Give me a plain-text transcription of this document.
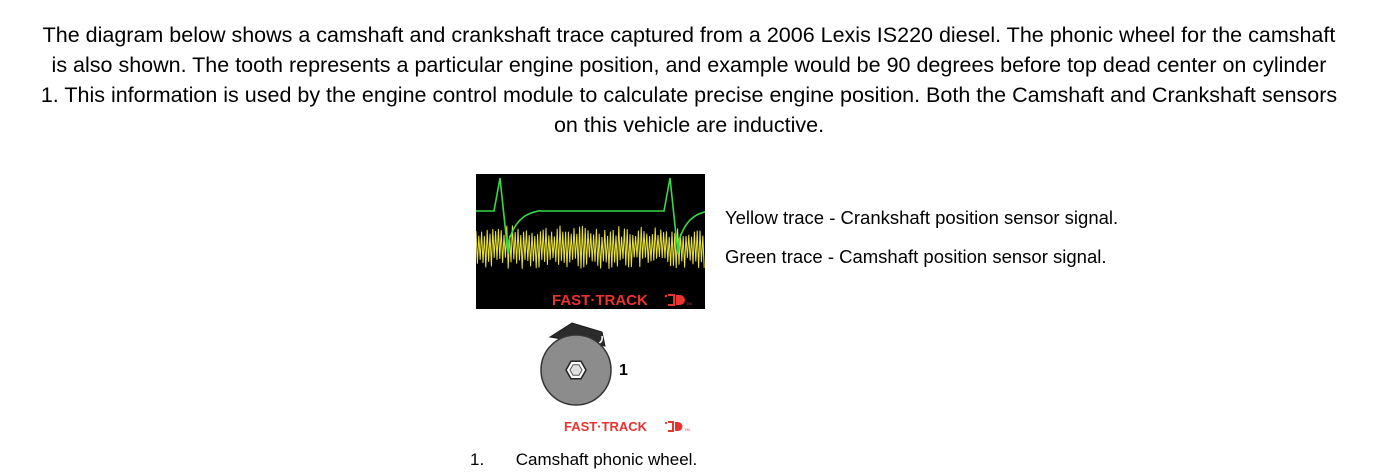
The diagram below shows a camshaft and crankshaft trace captured from a 2006 Lexis IS220 diesel. The phonic wheel for the camshaft is also shown. The tooth represents a particular engine position, and example would be 90 degrees before top dead center on cylinder 1. This information is used by the engine control module to calculate precise engine position. Both the Camshaft and Crankshaft sensors on this vehicle are inductive.

FAST·TRACK	TM

Yellow trace - Crankshaft position sensor signal.

Green trace - Camshaft position sensor signal.

1
FAST·TRACK	TM
1. Camshaft phonic wheel.
